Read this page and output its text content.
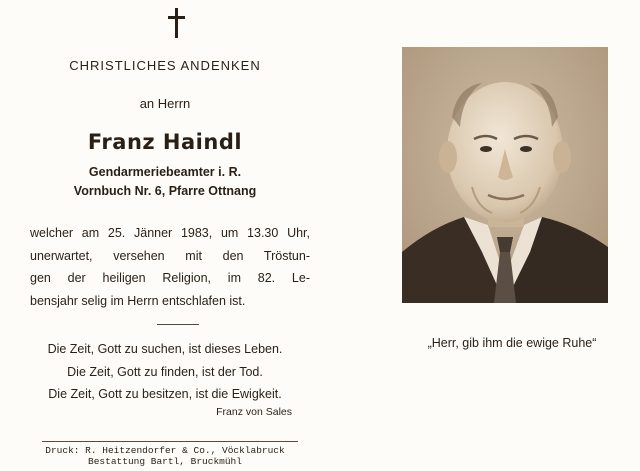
CHRISTLICHES ANDENKEN
an Herrn
Franz Haindl
Gendarmeriebeamter i. R.
Vornbuch Nr. 6, Pfarre Ottnang
welcher am 25. Jänner 1983, um 13.30 Uhr,
unerwartet, versehen mit den Tröstun-
gen der heiligen Religion, im 82. Le-
bensjahr selig im Herrn entschlafen ist.
Die Zeit, Gott zu suchen, ist dieses Leben.
Die Zeit, Gott zu finden, ist der Tod.
Die Zeit, Gott zu besitzen, ist die Ewigkeit.
Franz von Sales
Druck: R. Heitzendorfer & Co., Vöcklabruck
Bestattung Bartl, Bruckmühl
„Herr, gib ihm die ewige Ruhe“
